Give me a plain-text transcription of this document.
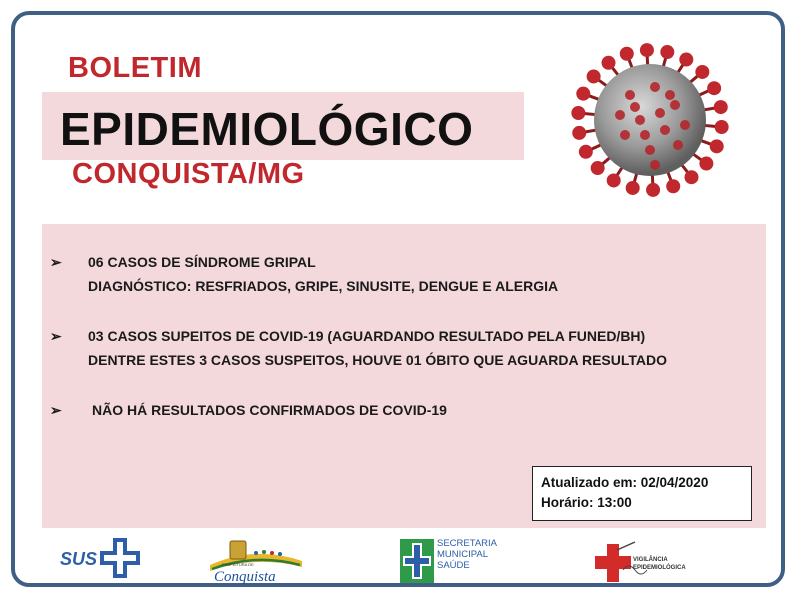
BOLETIM
EPIDEMIOLÓGICO
CONQUISTA/MG
➢ 06 CASOS DE SÍNDROME GRIPAL
DIAGNÓSTICO: RESFRIADOS, GRIPE, SINUSITE, DENGUE E ALERGIA
➢ 03 CASOS SUPEITOS DE COVID-19 (AGUARDANDO RESULTADO PELA FUNED/BH)
DENTRE ESTES 3 CASOS SUSPEITOS, HOUVE 01 ÓBITO QUE AGUARDA RESULTADO
➢ NÃO HÁ RESULTADOS CONFIRMADOS DE COVID-19
Atualizado em: 02/04/2020
Horário: 13:00
SUS	PREFEITURA DE
Conquista
SECRETARIA
MUNICIPAL
SAÚDE	VIGILÂNCIA
EPIDEMIOLÓGICA
